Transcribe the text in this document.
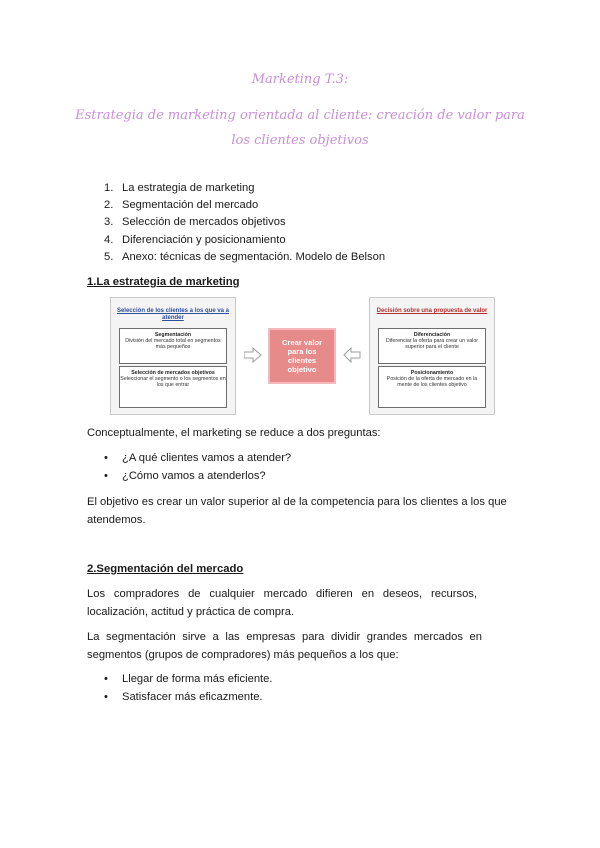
Marketing T.3:
Estrategia de marketing orientada al cliente: creación de valor para los clientes objetivos
1. La estrategia de marketing
2. Segmentación del mercado
3. Selección de mercados objetivos
4. Diferenciación y posicionamiento
5. Anexo: técnicas de segmentación. Modelo de Belson
1.La estrategia de marketing
Selección de los clientes a los que va a atender
Segmentación
División del mercado total en segmentos más pequeños
Selección de mercados objetivos
Seleccionar el segmento o los segmentos en los que entrar
Crear valor para los clientes objetivo
Decisión sobre una propuesta de valor
Diferenciación
Diferenciar la oferta para crear un valor superior para el cliente
Posicionamiento
Posición de la oferta de mercado en la mente de los clientes objetivo
Conceptualmente, el marketing se reduce a dos preguntas:
• ¿A qué clientes vamos a atender?
• ¿Cómo vamos a atenderlos?
El objetivo es crear un valor superior al de la competencia para los clientes a los que atendemos.
2.Segmentación del mercado
Los compradores de cualquier mercado difieren en deseos, recursos, localización, actitud y práctica de compra.
La segmentación sirve a las empresas para dividir grandes mercados en segmentos (grupos de compradores) más pequeños a los que:
• Llegar de forma más eficiente.
• Satisfacer más eficazmente.
